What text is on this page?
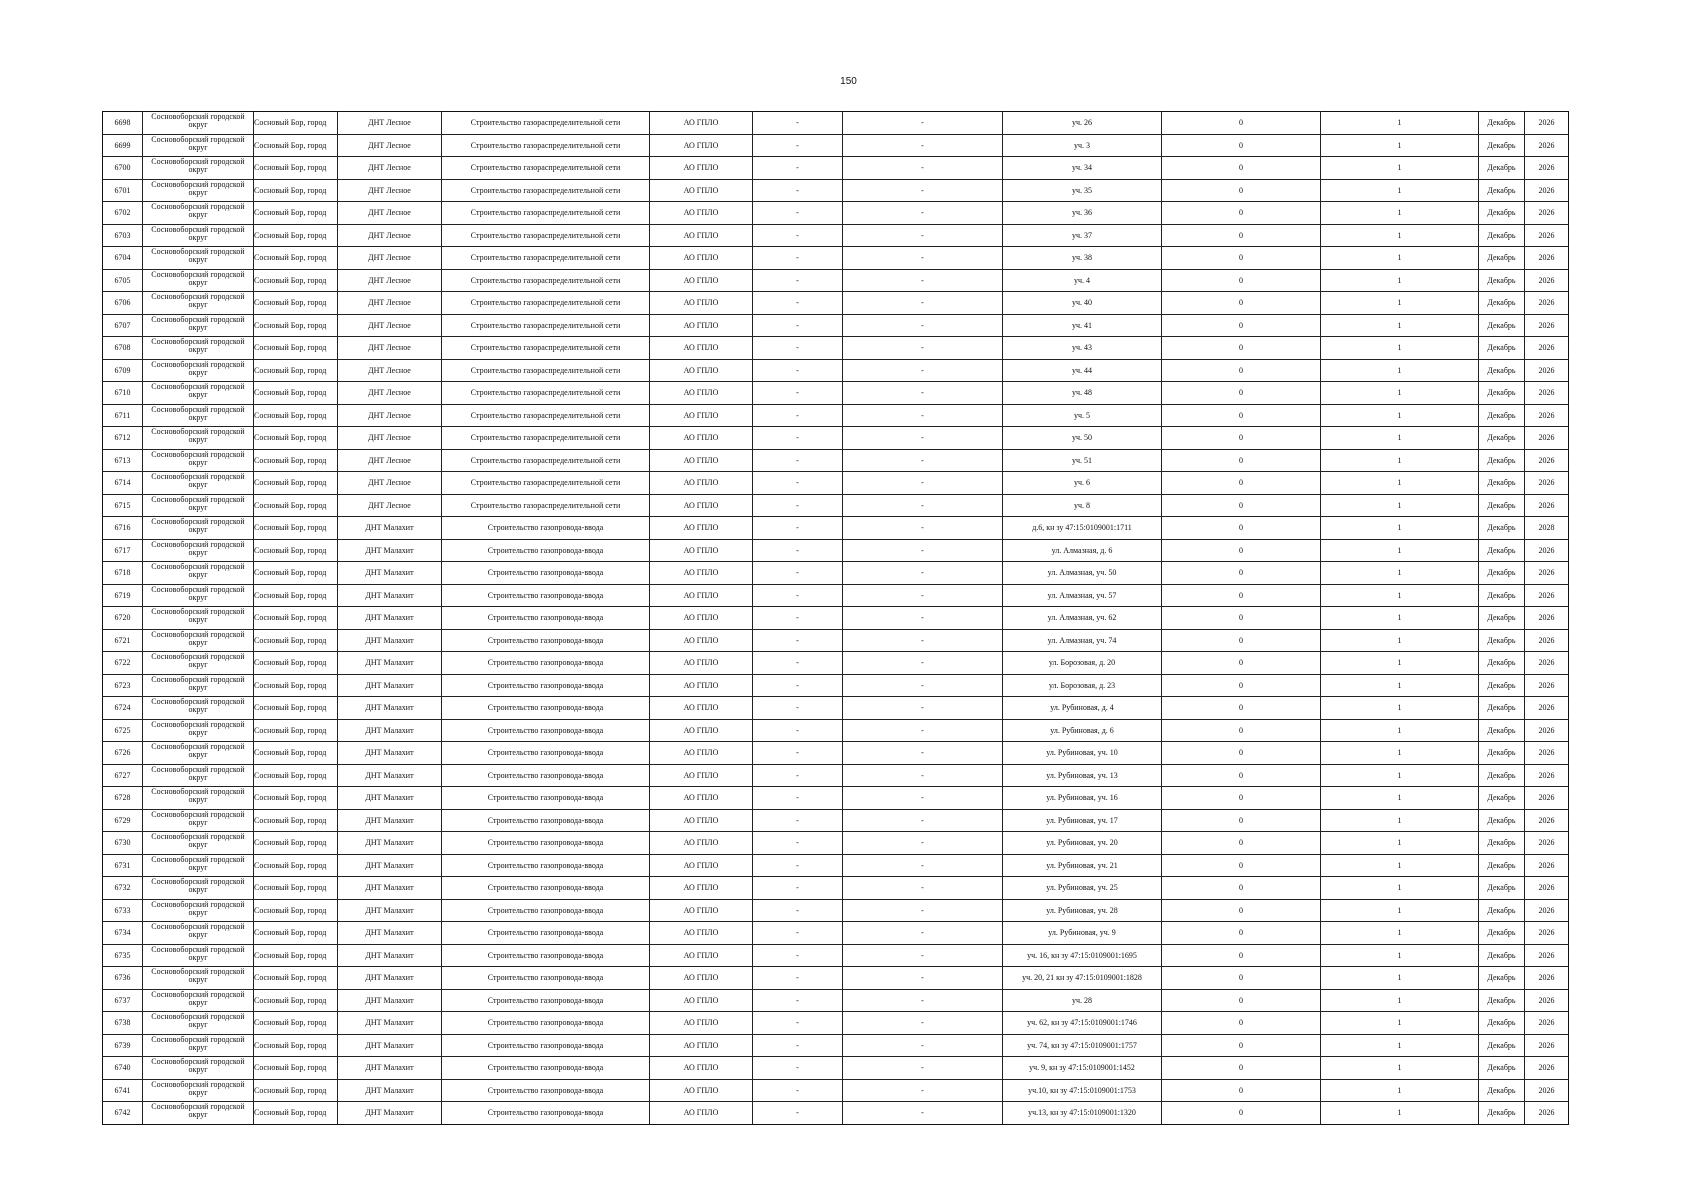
150
6698	Сосновоборский городской округ	Сосновый Бор, город	ДНТ Лесное	Строительство газораспределительной сети	АО ГПЛО	-	-	уч. 26	0	1	Декабрь	2026
6699	Сосновоборский городской округ	Сосновый Бор, город	ДНТ Лесное	Строительство газораспределительной сети	АО ГПЛО	-	-	уч. 3	0	1	Декабрь	2026
6700	Сосновоборский городской округ	Сосновый Бор, город	ДНТ Лесное	Строительство газораспределительной сети	АО ГПЛО	-	-	уч. 34	0	1	Декабрь	2026
6701	Сосновоборский городской округ	Сосновый Бор, город	ДНТ Лесное	Строительство газораспределительной сети	АО ГПЛО	-	-	уч. 35	0	1	Декабрь	2026
6702	Сосновоборский городской округ	Сосновый Бор, город	ДНТ Лесное	Строительство газораспределительной сети	АО ГПЛО	-	-	уч. 36	0	1	Декабрь	2026
6703	Сосновоборский городской округ	Сосновый Бор, город	ДНТ Лесное	Строительство газораспределительной сети	АО ГПЛО	-	-	уч. 37	0	1	Декабрь	2026
6704	Сосновоборский городской округ	Сосновый Бор, город	ДНТ Лесное	Строительство газораспределительной сети	АО ГПЛО	-	-	уч. 38	0	1	Декабрь	2026
6705	Сосновоборский городской округ	Сосновый Бор, город	ДНТ Лесное	Строительство газораспределительной сети	АО ГПЛО	-	-	уч. 4	0	1	Декабрь	2026
6706	Сосновоборский городской округ	Сосновый Бор, город	ДНТ Лесное	Строительство газораспределительной сети	АО ГПЛО	-	-	уч. 40	0	1	Декабрь	2026
6707	Сосновоборский городской округ	Сосновый Бор, город	ДНТ Лесное	Строительство газораспределительной сети	АО ГПЛО	-	-	уч. 41	0	1	Декабрь	2026
6708	Сосновоборский городской округ	Сосновый Бор, город	ДНТ Лесное	Строительство газораспределительной сети	АО ГПЛО	-	-	уч. 43	0	1	Декабрь	2026
6709	Сосновоборский городской округ	Сосновый Бор, город	ДНТ Лесное	Строительство газораспределительной сети	АО ГПЛО	-	-	уч. 44	0	1	Декабрь	2026
6710	Сосновоборский городской округ	Сосновый Бор, город	ДНТ Лесное	Строительство газораспределительной сети	АО ГПЛО	-	-	уч. 48	0	1	Декабрь	2026
6711	Сосновоборский городской округ	Сосновый Бор, город	ДНТ Лесное	Строительство газораспределительной сети	АО ГПЛО	-	-	уч. 5	0	1	Декабрь	2026
6712	Сосновоборский городской округ	Сосновый Бор, город	ДНТ Лесное	Строительство газораспределительной сети	АО ГПЛО	-	-	уч. 50	0	1	Декабрь	2026
6713	Сосновоборский городской округ	Сосновый Бор, город	ДНТ Лесное	Строительство газораспределительной сети	АО ГПЛО	-	-	уч. 51	0	1	Декабрь	2026
6714	Сосновоборский городской округ	Сосновый Бор, город	ДНТ Лесное	Строительство газораспределительной сети	АО ГПЛО	-	-	уч. 6	0	1	Декабрь	2026
6715	Сосновоборский городской округ	Сосновый Бор, город	ДНТ Лесное	Строительство газораспределительной сети	АО ГПЛО	-	-	уч. 8	0	1	Декабрь	2026
6716	Сосновоборский городской округ	Сосновый Бор, город	ДНТ Малахит	Строительство газопровода-ввода	АО ГПЛО	-	-	д.6, кн зу 47:15:0109001:1711	0	1	Декабрь	2028
6717	Сосновоборский городской округ	Сосновый Бор, город	ДНТ Малахит	Строительство газопровода-ввода	АО ГПЛО	-	-	ул. Алмазная, д. 6	0	1	Декабрь	2026
6718	Сосновоборский городской округ	Сосновый Бор, город	ДНТ Малахит	Строительство газопровода-ввода	АО ГПЛО	-	-	ул. Алмазная, уч. 50	0	1	Декабрь	2026
6719	Сосновоборский городской округ	Сосновый Бор, город	ДНТ Малахит	Строительство газопровода-ввода	АО ГПЛО	-	-	ул. Алмазная, уч. 57	0	1	Декабрь	2026
6720	Сосновоборский городской округ	Сосновый Бор, город	ДНТ Малахит	Строительство газопровода-ввода	АО ГПЛО	-	-	ул. Алмазная, уч. 62	0	1	Декабрь	2026
6721	Сосновоборский городской округ	Сосновый Бор, город	ДНТ Малахит	Строительство газопровода-ввода	АО ГПЛО	-	-	ул. Алмазная, уч. 74	0	1	Декабрь	2026
6722	Сосновоборский городской округ	Сосновый Бор, город	ДНТ Малахит	Строительство газопровода-ввода	АО ГПЛО	-	-	ул. Борозовая, д. 20	0	1	Декабрь	2026
6723	Сосновоборский городской округ	Сосновый Бор, город	ДНТ Малахит	Строительство газопровода-ввода	АО ГПЛО	-	-	ул. Борозовая, д. 23	0	1	Декабрь	2026
6724	Сосновоборский городской округ	Сосновый Бор, город	ДНТ Малахит	Строительство газопровода-ввода	АО ГПЛО	-	-	ул. Рубиновая, д. 4	0	1	Декабрь	2026
6725	Сосновоборский городской округ	Сосновый Бор, город	ДНТ Малахит	Строительство газопровода-ввода	АО ГПЛО	-	-	ул. Рубиновая, д. 6	0	1	Декабрь	2026
6726	Сосновоборский городской округ	Сосновый Бор, город	ДНТ Малахит	Строительство газопровода-ввода	АО ГПЛО	-	-	ул. Рубиновая, уч. 10	0	1	Декабрь	2026
6727	Сосновоборский городской округ	Сосновый Бор, город	ДНТ Малахит	Строительство газопровода-ввода	АО ГПЛО	-	-	ул. Рубиновая, уч. 13	0	1	Декабрь	2026
6728	Сосновоборский городской округ	Сосновый Бор, город	ДНТ Малахит	Строительство газопровода-ввода	АО ГПЛО	-	-	ул. Рубиновая, уч. 16	0	1	Декабрь	2026
6729	Сосновоборский городской округ	Сосновый Бор, город	ДНТ Малахит	Строительство газопровода-ввода	АО ГПЛО	-	-	ул. Рубиновая, уч. 17	0	1	Декабрь	2026
6730	Сосновоборский городской округ	Сосновый Бор, город	ДНТ Малахит	Строительство газопровода-ввода	АО ГПЛО	-	-	ул. Рубиновая, уч. 20	0	1	Декабрь	2026
6731	Сосновоборский городской округ	Сосновый Бор, город	ДНТ Малахит	Строительство газопровода-ввода	АО ГПЛО	-	-	ул. Рубиновая, уч. 21	0	1	Декабрь	2026
6732	Сосновоборский городской округ	Сосновый Бор, город	ДНТ Малахит	Строительство газопровода-ввода	АО ГПЛО	-	-	ул. Рубиновая, уч. 25	0	1	Декабрь	2026
6733	Сосновоборский городской округ	Сосновый Бор, город	ДНТ Малахит	Строительство газопровода-ввода	АО ГПЛО	-	-	ул. Рубиновая, уч. 28	0	1	Декабрь	2026
6734	Сосновоборский городской округ	Сосновый Бор, город	ДНТ Малахит	Строительство газопровода-ввода	АО ГПЛО	-	-	ул. Рубиновая, уч. 9	0	1	Декабрь	2026
6735	Сосновоборский городской округ	Сосновый Бор, город	ДНТ Малахит	Строительство газопровода-ввода	АО ГПЛО	-	-	уч. 16, кн зу 47:15:0109001:1695	0	1	Декабрь	2026
6736	Сосновоборский городской округ	Сосновый Бор, город	ДНТ Малахит	Строительство газопровода-ввода	АО ГПЛО	-	-	уч. 20, 21 кн зу 47:15:0109001:1828	0	1	Декабрь	2026
6737	Сосновоборский городской округ	Сосновый Бор, город	ДНТ Малахит	Строительство газопровода-ввода	АО ГПЛО	-	-	уч. 28	0	1	Декабрь	2026
6738	Сосновоборский городской округ	Сосновый Бор, город	ДНТ Малахит	Строительство газопровода-ввода	АО ГПЛО	-	-	уч. 62, кн зу 47:15:0109001:1746	0	1	Декабрь	2026
6739	Сосновоборский городской округ	Сосновый Бор, город	ДНТ Малахит	Строительство газопровода-ввода	АО ГПЛО	-	-	уч. 74, кн зу 47:15:0109001:1757	0	1	Декабрь	2026
6740	Сосновоборский городской округ	Сосновый Бор, город	ДНТ Малахит	Строительство газопровода-ввода	АО ГПЛО	-	-	уч. 9, кн зу 47:15:0109001:1452	0	1	Декабрь	2026
6741	Сосновоборский городской округ	Сосновый Бор, город	ДНТ Малахит	Строительство газопровода-ввода	АО ГПЛО	-	-	уч.10, кн зу 47:15:0109001:1753	0	1	Декабрь	2026
6742	Сосновоборский городской округ	Сосновый Бор, город	ДНТ Малахит	Строительство газопровода-ввода	АО ГПЛО	-	-	уч.13, кн зу 47:15:0109001:1320	0	1	Декабрь	2026
